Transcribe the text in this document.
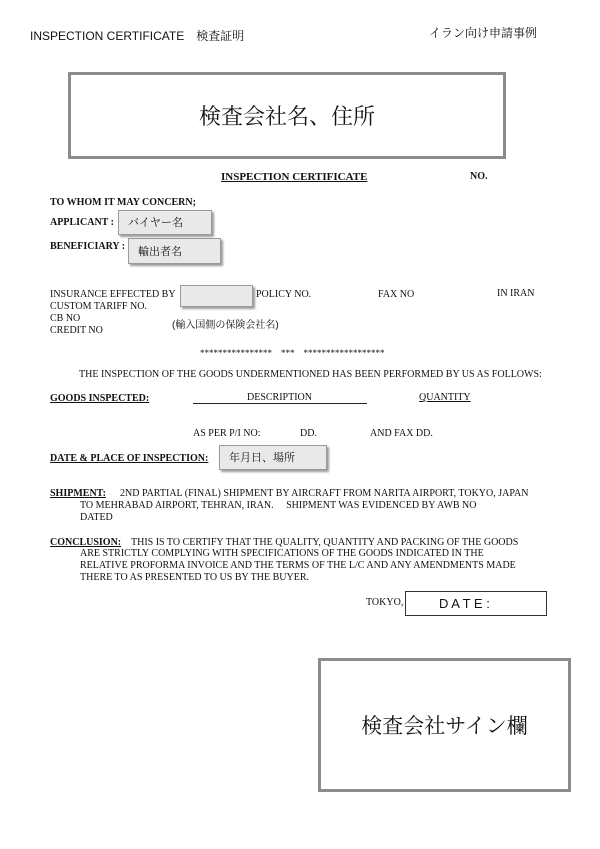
INSPECTION CERTIFICATE　検査証明	イラン向け申請事例
検査会社名、住所
INSPECTION CERTIFICATE	NO.
TO WHOM IT MAY CONCERN;
APPLICANT : バイヤー名
BENEFICIARY : 輸出者名
INSURANCE EFFECTED BY	POLICY NO.	FAX NO	IN IRAN
CUSTOM TARIFF NO.
CB NO
(輸入国側の保険会社名)
CREDIT NO
****************    ***    ******************
THE INSPECTION OF THE GOODS UNDERMENTIONED HAS BEEN PERFORMED BY US AS FOLLOWS:
GOODS INSPECTED:	DESCRIPTION	QUANTITY
AS PER P/I NO:	DD.	AND FAX DD.
DATE & PLACE OF INSPECTION: 年月日、場所
SHIPMENT: 2ND PARTIAL (FINAL) SHIPMENT BY AIRCRAFT FROM NARITA AIRPORT, TOKYO, JAPAN
TO MEHRABAD AIRPORT, TEHRAN, IRAN.     SHIPMENT WAS EVIDENCED BY AWB NO
DATED
CONCLUSION: THIS IS TO CERTIFY THAT THE QUALITY, QUANTITY AND PACKING OF THE GOODS
ARE STRICTLY COMPLYING WITH SPECIFICATIONS OF THE GOODS INDICATED IN THE
RELATIVE PROFORMA INVOICE AND THE TERMS OF THE L/C AND ANY AMENDMENTS MADE
THERE TO AS PRESENTED TO US BY THE BUYER.
TOKYO,	D A T E :
検査会社サイン欄
